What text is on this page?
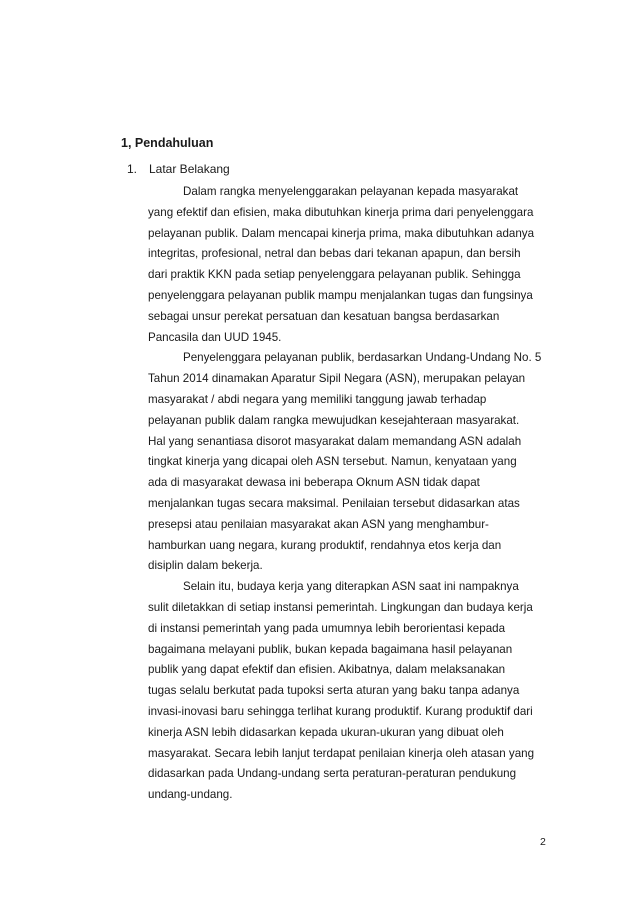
1, Pendahuluan
1. Latar Belakang
Dalam rangka menyelenggarakan pelayanan kepada masyarakat
yang efektif dan efisien, maka dibutuhkan kinerja prima dari penyelenggara
pelayanan publik. Dalam mencapai kinerja prima, maka dibutuhkan adanya
integritas, profesional, netral dan bebas dari tekanan apapun, dan bersih
dari praktik KKN pada setiap penyelenggara pelayanan publik. Sehingga
penyelenggara pelayanan publik mampu menjalankan tugas dan fungsinya
sebagai unsur perekat persatuan dan kesatuan bangsa berdasarkan
Pancasila dan UUD 1945.
Penyelenggara pelayanan publik, berdasarkan Undang-Undang No. 5
Tahun 2014 dinamakan Aparatur Sipil Negara (ASN), merupakan pelayan
masyarakat / abdi negara yang memiliki tanggung jawab terhadap
pelayanan publik dalam rangka mewujudkan kesejahteraan masyarakat.
Hal yang senantiasa disorot masyarakat dalam memandang ASN adalah
tingkat kinerja yang dicapai oleh ASN tersebut. Namun, kenyataan yang
ada di masyarakat dewasa ini beberapa Oknum ASN tidak dapat
menjalankan tugas secara maksimal. Penilaian tersebut didasarkan atas
presepsi atau penilaian masyarakat akan ASN yang menghambur-
hamburkan uang negara, kurang produktif, rendahnya etos kerja dan
disiplin dalam bekerja.
Selain itu, budaya kerja yang diterapkan ASN saat ini nampaknya
sulit diletakkan di setiap instansi pemerintah. Lingkungan dan budaya kerja
di instansi pemerintah yang pada umumnya lebih berorientasi kepada
bagaimana melayani publik, bukan kepada bagaimana hasil pelayanan
publik yang dapat efektif dan efisien. Akibatnya, dalam melaksanakan
tugas selalu berkutat pada tupoksi serta aturan yang baku tanpa adanya
invasi-inovasi baru sehingga terlihat kurang produktif. Kurang produktif dari
kinerja ASN lebih didasarkan kepada ukuran-ukuran yang dibuat oleh
masyarakat. Secara lebih lanjut terdapat penilaian kinerja oleh atasan yang
didasarkan pada Undang-undang serta peraturan-peraturan pendukung
undang-undang.
2
